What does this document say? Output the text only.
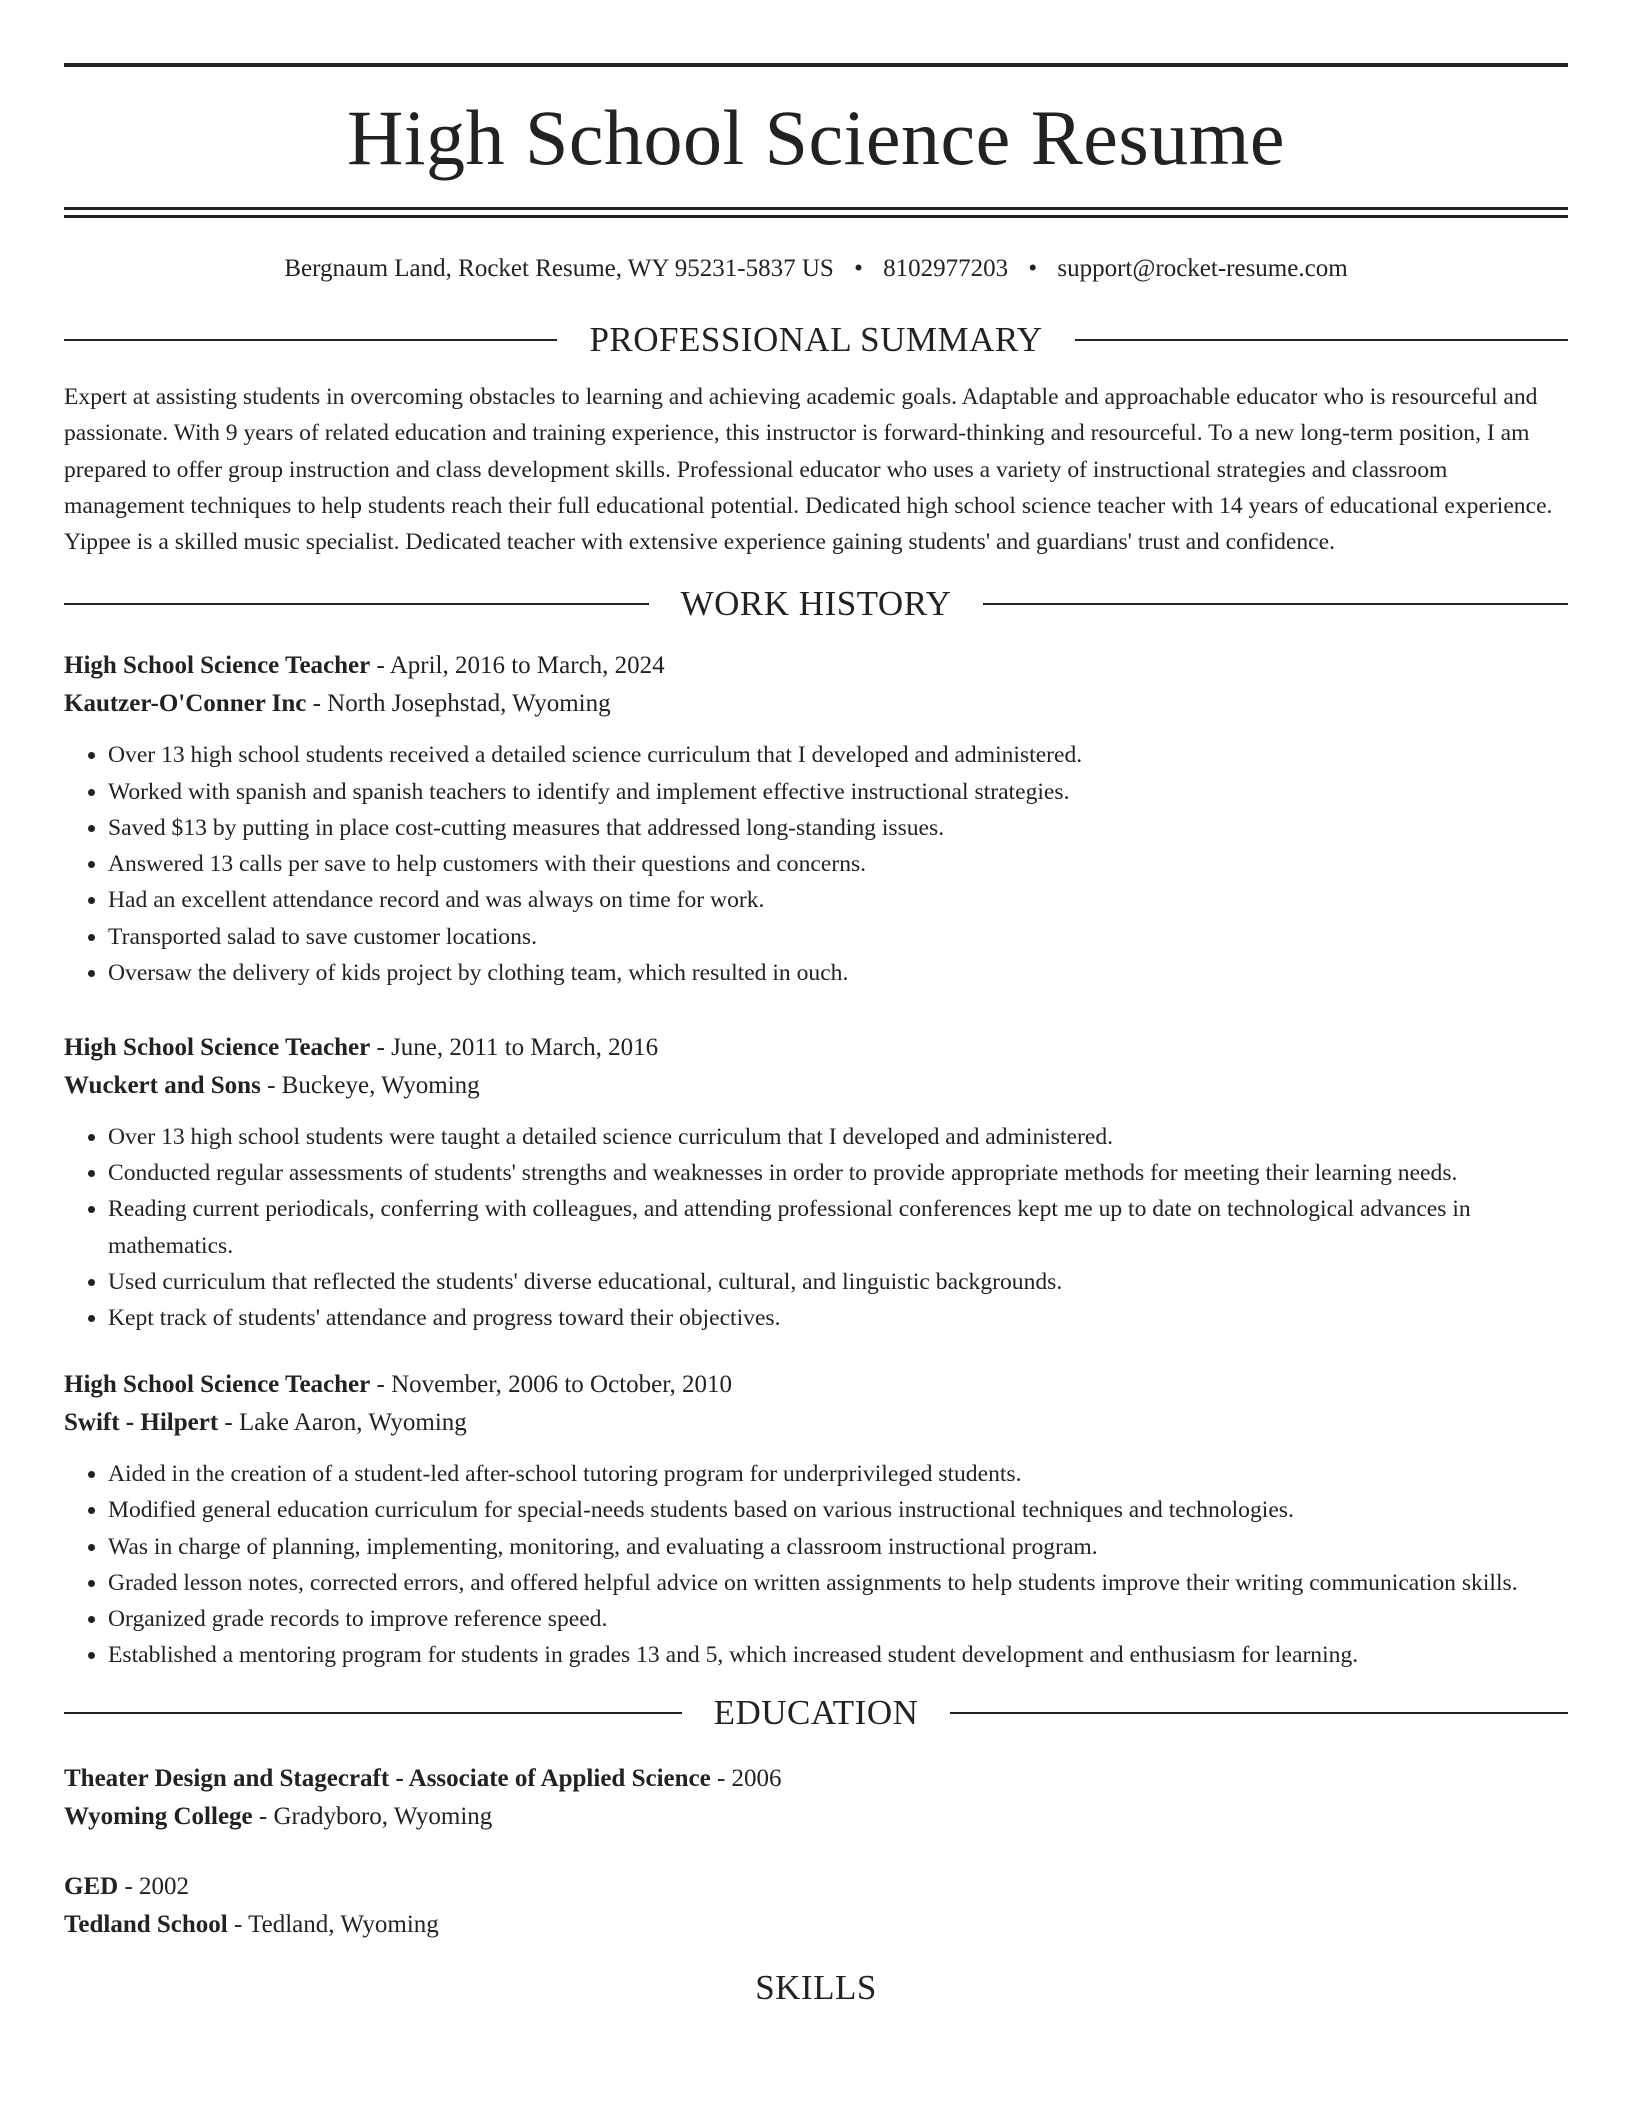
High School Science Resume
Bergnaum Land, Rocket Resume, WY 95231-5837 US • 8102977203 • support@rocket-resume.com
PROFESSIONAL SUMMARY

Expert at assisting students in overcoming obstacles to learning and achieving academic goals. Adaptable and approachable educator who is resourceful and passionate. With 9 years of related education and training experience, this instructor is forward-thinking and resourceful. To a new long-term position, I am prepared to offer group instruction and class development skills. Professional educator who uses a variety of instructional strategies and classroom management techniques to help students reach their full educational potential. Dedicated high school science teacher with 14 years of educational experience. Yippee is a skilled music specialist. Dedicated teacher with extensive experience gaining students' and guardians' trust and confidence.

WORK HISTORY
High School Science Teacher - April, 2016 to March, 2024
Kautzer-O'Conner Inc - North Josephstad, Wyoming
• Over 13 high school students received a detailed science curriculum that I developed and administered.
• Worked with spanish and spanish teachers to identify and implement effective instructional strategies.
• Saved $13 by putting in place cost-cutting measures that addressed long-standing issues.
• Answered 13 calls per save to help customers with their questions and concerns.
• Had an excellent attendance record and was always on time for work.
• Transported salad to save customer locations.
• Oversaw the delivery of kids project by clothing team, which resulted in ouch.
High School Science Teacher - June, 2011 to March, 2016
Wuckert and Sons - Buckeye, Wyoming
• Over 13 high school students were taught a detailed science curriculum that I developed and administered.
• Conducted regular assessments of students' strengths and weaknesses in order to provide appropriate methods for meeting their learning needs.
• Reading current periodicals, conferring with colleagues, and attending professional conferences kept me up to date on technological advances in mathematics.
• Used curriculum that reflected the students' diverse educational, cultural, and linguistic backgrounds.
• Kept track of students' attendance and progress toward their objectives.
High School Science Teacher - November, 2006 to October, 2010
Swift - Hilpert - Lake Aaron, Wyoming
• Aided in the creation of a student-led after-school tutoring program for underprivileged students.
• Modified general education curriculum for special-needs students based on various instructional techniques and technologies.
• Was in charge of planning, implementing, monitoring, and evaluating a classroom instructional program.
• Graded lesson notes, corrected errors, and offered helpful advice on written assignments to help students improve their writing communication skills.
• Organized grade records to improve reference speed.
• Established a mentoring program for students in grades 13 and 5, which increased student development and enthusiasm for learning.
EDUCATION
Theater Design and Stagecraft - Associate of Applied Science - 2006
Wyoming College - Gradyboro, Wyoming
GED - 2002
Tedland School - Tedland, Wyoming
SKILLS
